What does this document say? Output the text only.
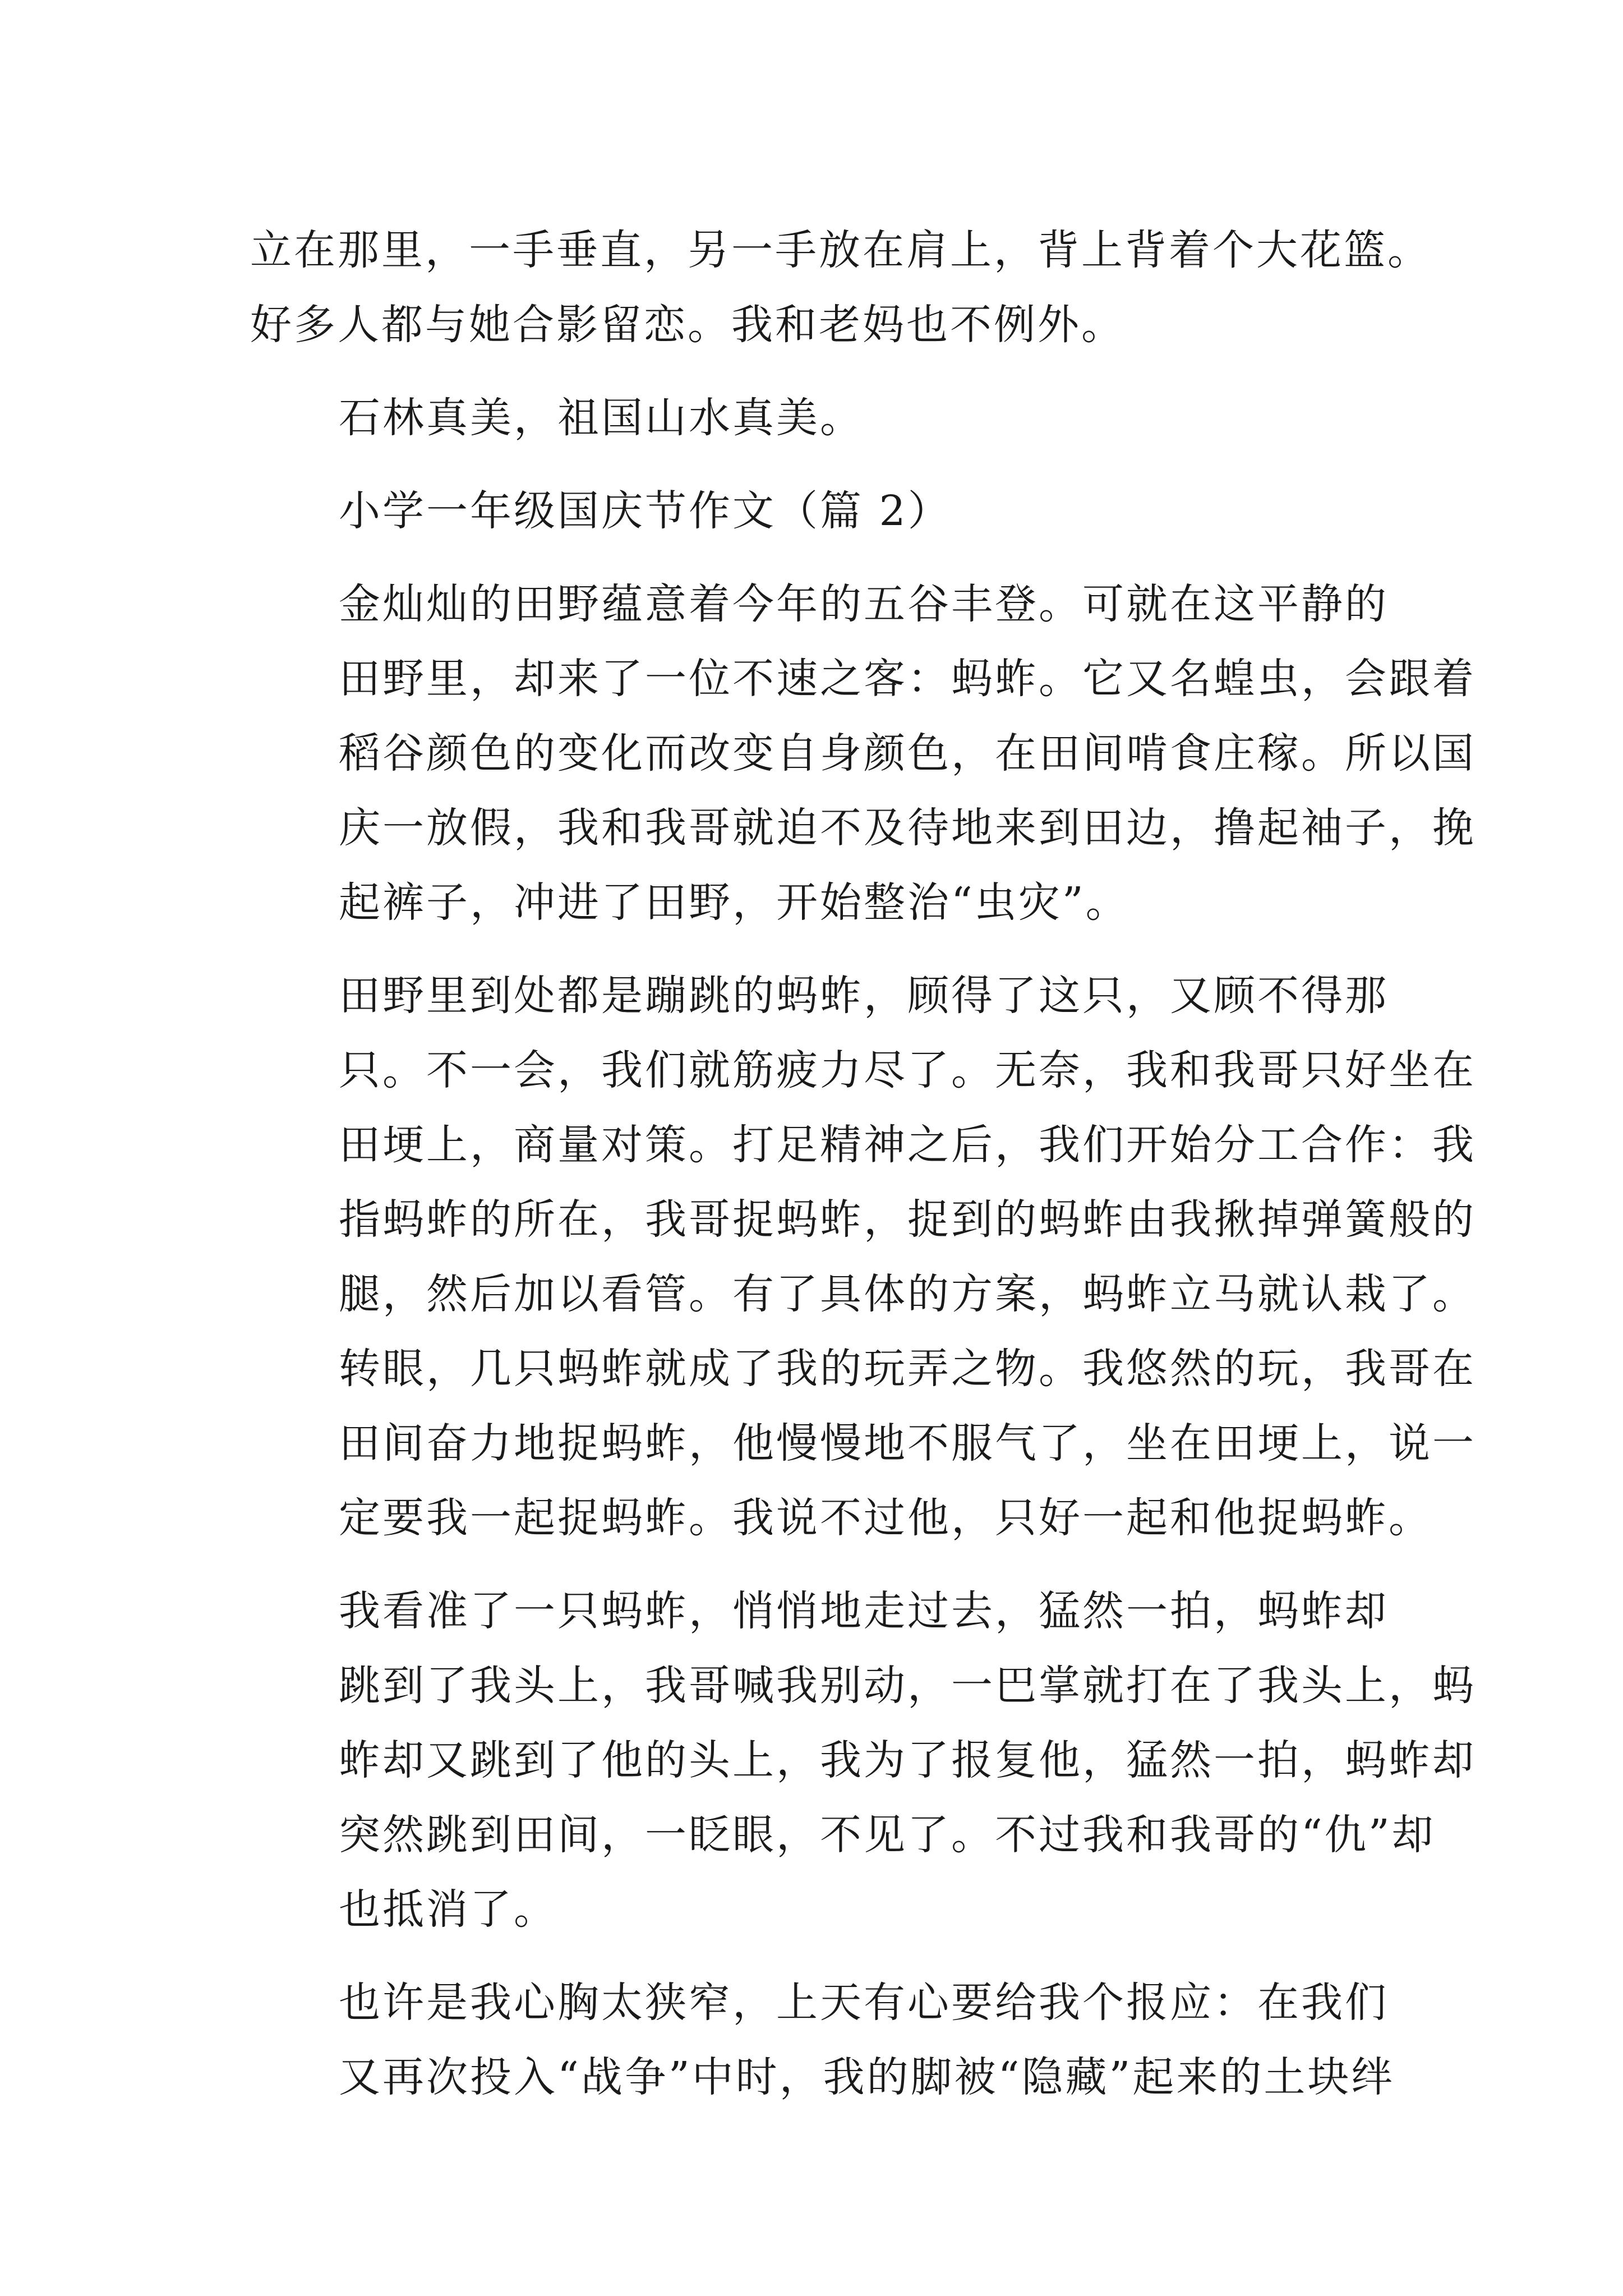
立在那里，一手垂直，另一手放在肩上，背上背着个大花篮。
好多人都与她合影留恋。我和老妈也不例外。

石林真美，祖国山水真美。

小学一年级国庆节作文（篇 2）

金灿灿的田野蕴意着今年的五谷丰登。可就在这平静的
田野里，却来了一位不速之客：蚂蚱。它又名蝗虫，会跟着
稻谷颜色的变化而改变自身颜色，在田间啃食庄稼。所以国
庆一放假，我和我哥就迫不及待地来到田边，撸起袖子，挽
起裤子，冲进了田野，开始整治“虫灾”。

田野里到处都是蹦跳的蚂蚱，顾得了这只，又顾不得那
只。不一会，我们就筋疲力尽了。无奈，我和我哥只好坐在
田埂上，商量对策。打足精神之后，我们开始分工合作：我
指蚂蚱的所在，我哥捉蚂蚱，捉到的蚂蚱由我揪掉弹簧般的
腿，然后加以看管。有了具体的方案，蚂蚱立马就认栽了。
转眼，几只蚂蚱就成了我的玩弄之物。我悠然的玩，我哥在
田间奋力地捉蚂蚱，他慢慢地不服气了，坐在田埂上，说一
定要我一起捉蚂蚱。我说不过他，只好一起和他捉蚂蚱。

我看准了一只蚂蚱，悄悄地走过去，猛然一拍，蚂蚱却
跳到了我头上，我哥喊我别动，一巴掌就打在了我头上，蚂
蚱却又跳到了他的头上，我为了报复他，猛然一拍，蚂蚱却
突然跳到田间，一眨眼，不见了。不过我和我哥的“仇”却
也抵消了。

也许是我心胸太狭窄，上天有心要给我个报应：在我们
又再次投入“战争”中时，我的脚被“隐藏”起来的土块绊
